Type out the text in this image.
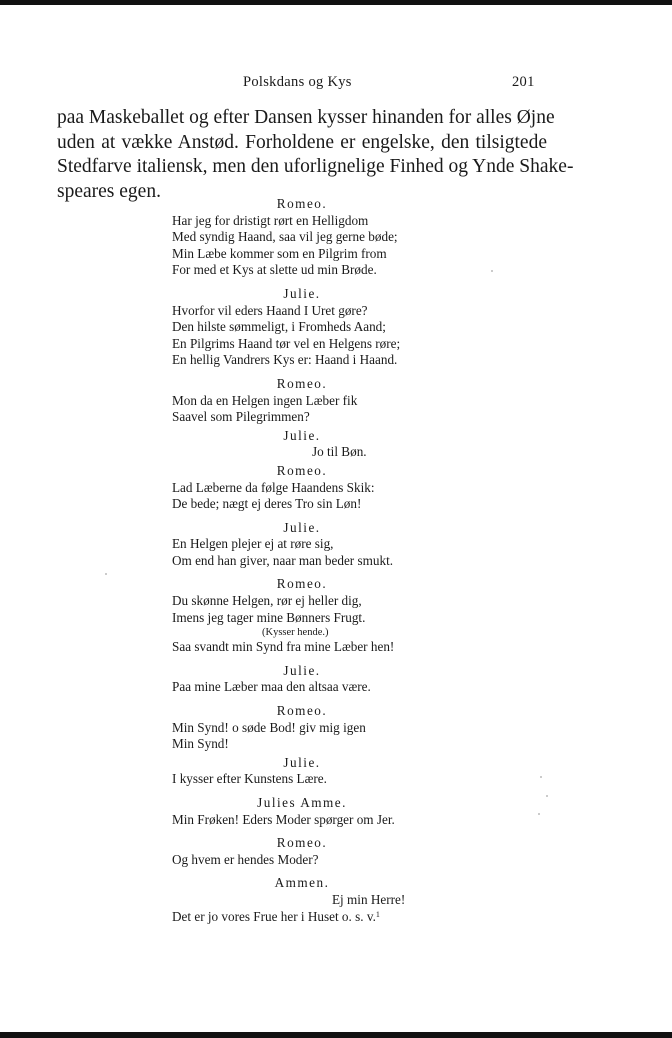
Polskdans og Kys	201
paa Maskeballet og efter Dansen kysser hinanden for alles Øjne
uden at vække Anstød. Forholdene er engelske, den tilsigtede
Stedfarve italiensk, men den uforlignelige Finhed og Ynde Shake-
speares egen.
Romeo.
Har jeg for dristigt rørt en Helligdom
Med syndig Haand, saa vil jeg gerne bøde;
Min Læbe kommer som en Pilgrim from
For med et Kys at slette ud min Brøde.
Julie.
Hvorfor vil eders Haand I Uret gøre?
Den hilste sømmeligt, i Fromheds Aand;
En Pilgrims Haand tør vel en Helgens røre;
En hellig Vandrers Kys er: Haand i Haand.
Romeo.
Mon da en Helgen ingen Læber fik
Saavel som Pilegrimmen?
Julie.
Jo til Bøn.
Romeo.
Lad Læberne da følge Haandens Skik:
De bede; nægt ej deres Tro sin Løn!
Julie.
En Helgen plejer ej at røre sig,
Om end han giver, naar man beder smukt.
Romeo.
Du skønne Helgen, rør ej heller dig,
Imens jeg tager mine Bønners Frugt.
(Kysser hende.)
Saa svandt min Synd fra mine Læber hen!
Julie.
Paa mine Læber maa den altsaa være.
Romeo.
Min Synd! o søde Bod! giv mig igen
Min Synd!
Julie.
I kysser efter Kunstens Lære.
Julies Amme.
Min Frøken! Eders Moder spørger om Jer.
Romeo.
Og hvem er hendes Moder?
Ammen.
Ej min Herre!
Det er jo vores Frue her i Huset o. s. v.$^1$
